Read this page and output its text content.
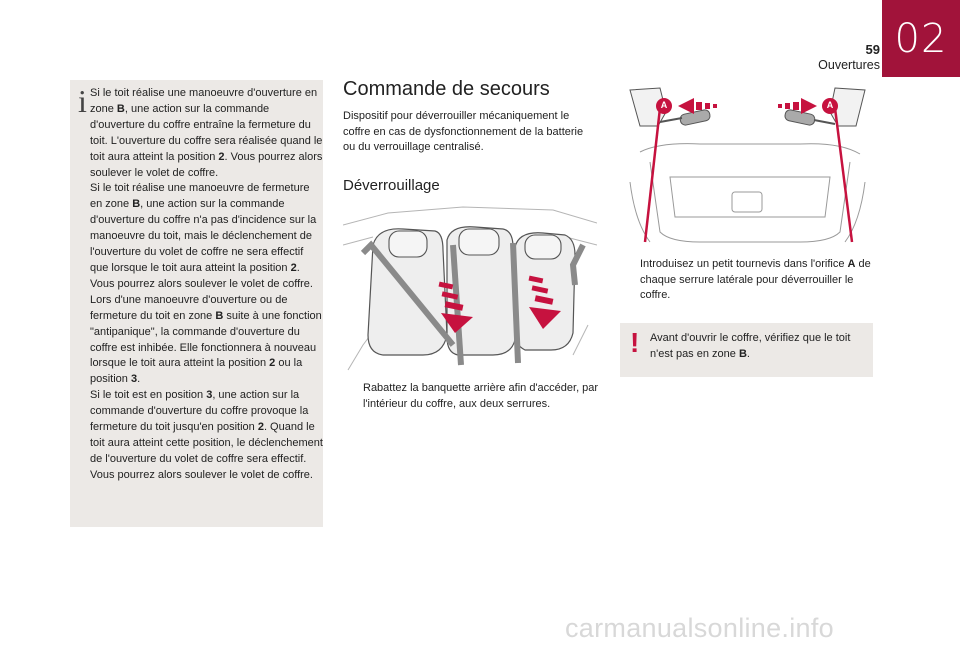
02
59
Ouvertures
i Si le toit réalise une manoeuvre d'ouverture en zone B, une action sur la commande d'ouverture du coffre entraîne la fermeture du toit. L'ouverture du coffre sera réalisée quand le toit aura atteint la position 2. Vous pourrez alors soulever le volet de coffre.

Si le toit réalise une manoeuvre de fermeture en zone B, une action sur la commande d'ouverture du coffre n'a pas d'incidence sur la manoeuvre du toit, mais le déclenchement de l'ouverture du volet de coffre ne sera effectif que lorsque le toit aura atteint la position 2. Vous pourrez alors soulever le volet de coffre.

Lors d'une manoeuvre d'ouverture ou de fermeture du toit en zone B suite à une fonction "antipanique", la commande d'ouverture du coffre est inhibée. Elle fonctionnera à nouveau lorsque le toit aura atteint la position 2 ou la position 3.

Si le toit est en position 3, une action sur la commande d'ouverture du coffre provoque la fermeture du toit jusqu'en position 2. Quand le toit aura atteint cette position, le déclenchement de l'ouverture du volet de coffre sera effectif. Vous pourrez alors soulever le volet de coffre.

Commande de secours

Dispositif pour déverrouiller mécaniquement le coffre en cas de dysfonctionnement de la batterie ou du verrouillage centralisé.

Déverrouillage
Rabattez la banquette arrière afin d'accéder, par l'intérieur du coffre, aux deux serrures.
A	A
Introduisez un petit tournevis dans l'orifice A de chaque serrure latérale pour déverrouiller le coffre.
! Avant d'ouvrir le coffre, vérifiez que le toit n'est pas en zone B.

carmanualsonline.info
